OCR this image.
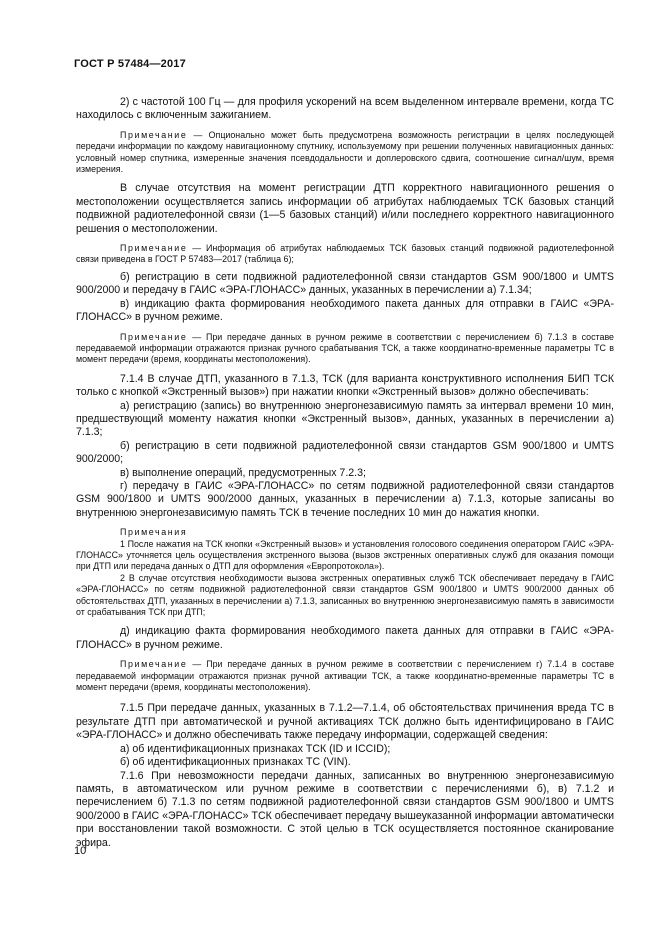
ГОСТ Р 57484—2017

2) с частотой 100 Гц — для профиля ускорений на всем выделенном интервале времени, когда ТС находилось с включенным зажиганием.

Примечание — Опционально может быть предусмотрена возможность регистрации в целях последующей передачи информации по каждому навигационному спутнику, используемому при решении полученных навигационных данных: условный номер спутника, измеренные значения псевдодальности и доплеровского сдвига, соотношение сигнал/шум, время измерения.

В случае отсутствия на момент регистрации ДТП корректного навигационного решения о местоположении осуществляется запись информации об атрибутах наблюдаемых ТСК базовых станций подвижной радиотелефонной связи (1—5 базовых станций) и/или последнего корректного навигационного решения о местоположении.

Примечание — Информация об атрибутах наблюдаемых ТСК базовых станций подвижной радиотелефонной связи приведена в ГОСТ Р 57483—2017 (таблица 6);

б) регистрацию в сети подвижной радиотелефонной связи стандартов GSM 900/1800 и UMTS 900/2000 и передачу в ГАИС «ЭРА-ГЛОНАСС» данных, указанных в перечислении а) 7.1.34;

в) индикацию факта формирования необходимого пакета данных для отправки в ГАИС «ЭРА-ГЛОНАСС» в ручном режиме.

Примечание — При передаче данных в ручном режиме в соответствии с перечислением б) 7.1.3 в составе передаваемой информации отражаются признак ручного срабатывания ТСК, а также координатно-временные параметры ТС в момент передачи (время, координаты местоположения).

7.1.4 В случае ДТП, указанного в 7.1.3, ТСК (для варианта конструктивного исполнения БИП ТСК только с кнопкой «Экстренный вызов») при нажатии кнопки «Экстренный вызов» должно обеспечивать:

а) регистрацию (запись) во внутреннюю энергонезависимую память за интервал времени 10 мин, предшествующий моменту нажатия кнопки «Экстренный вызов», данных, указанных в перечислении а) 7.1.3;

б) регистрацию в сети подвижной радиотелефонной связи стандартов GSM 900/1800 и UMTS 900/2000;

в) выполнение операций, предусмотренных 7.2.3;

г) передачу в ГАИС «ЭРА-ГЛОНАСС» по сетям подвижной радиотелефонной связи стандартов GSM 900/1800 и UMTS 900/2000 данных, указанных в перечислении а) 7.1.3, которые записаны во внутреннюю энергонезависимую память ТСК в течение последних 10 мин до нажатия кнопки.

Примечания

1 После нажатия на ТСК кнопки «Экстренный вызов» и установления голосового соединения оператором ГАИС «ЭРА-ГЛОНАСС» уточняется цель осуществления экстренного вызова (вызов экстренных оперативных служб для оказания помощи при ДТП или передача данных о ДТП для оформления «Европротокола»).

2 В случае отсутствия необходимости вызова экстренных оперативных служб ТСК обеспечивает передачу в ГАИС «ЭРА-ГЛОНАСС» по сетям подвижной радиотелефонной связи стандартов GSM 900/1800 и UMTS 900/2000 данных об обстоятельствах ДТП, указанных в перечислении а) 7.1.3, записанных во внутреннюю энергонезависимую память в зависимости от срабатывания ТСК при ДТП;

д) индикацию факта формирования необходимого пакета данных для отправки в ГАИС «ЭРА-ГЛОНАСС» в ручном режиме.

Примечание — При передаче данных в ручном режиме в соответствии с перечислением г) 7.1.4 в составе передаваемой информации отражаются признак ручной активации ТСК, а также координатно-временные параметры ТС в момент передачи (время, координаты местоположения).

7.1.5 При передаче данных, указанных в 7.1.2—7.1.4, об обстоятельствах причинения вреда ТС в результате ДТП при автоматической и ручной активациях ТСК должно быть идентифицировано в ГАИС «ЭРА-ГЛОНАСС» и должно обеспечивать также передачу информации, содержащей сведения:

а) об идентификационных признаках ТСК (ID и ICCID);

б) об идентификационных признаках ТС (VIN).

7.1.6 При невозможности передачи данных, записанных во внутреннюю энергонезависимую память, в автоматическом или ручном режиме в соответствии с перечислениями б), в) 7.1.2 и перечислением б) 7.1.3 по сетям подвижной радиотелефонной связи стандартов GSM 900/1800 и UMTS 900/2000 в ГАИС «ЭРА-ГЛОНАСС» ТСК обеспечивает передачу вышеуказанной информации автоматически при восстановлении такой возможности. С этой целью в ТСК осуществляется постоянное сканирование эфира.

10
